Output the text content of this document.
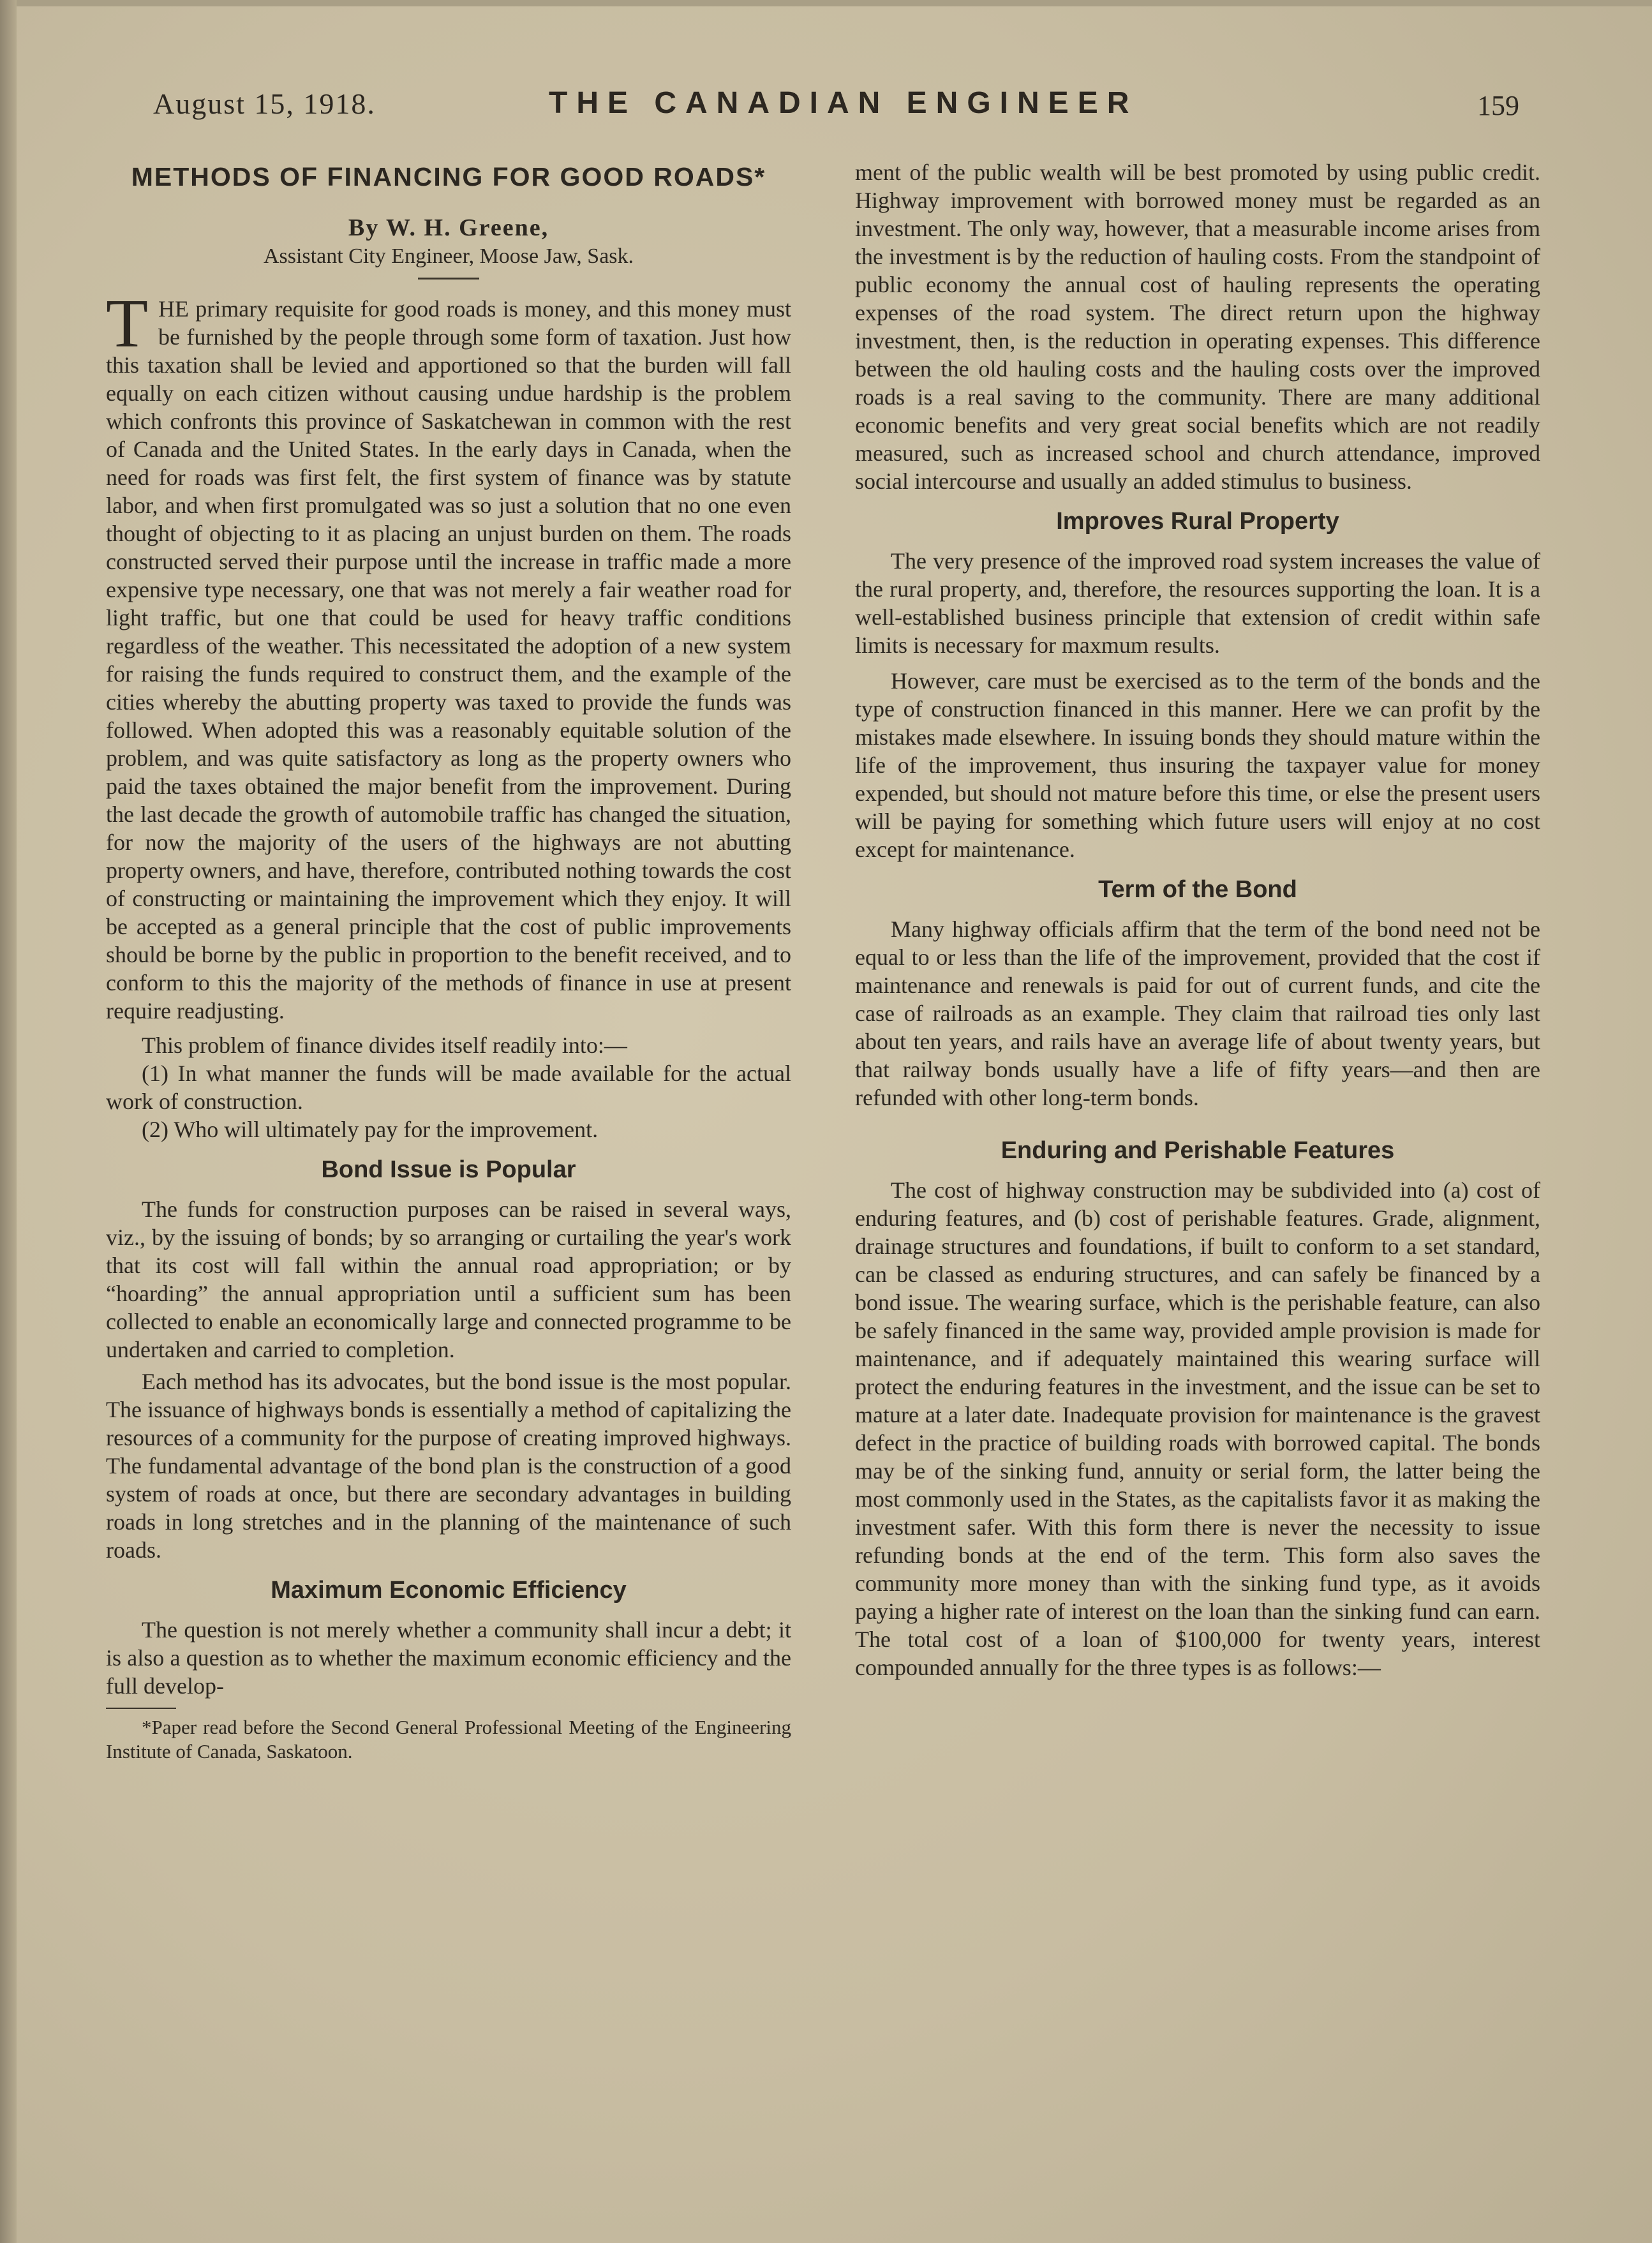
August 15, 1918.	THE CANADIAN ENGINEER	159
METHODS OF FINANCING FOR GOOD ROADS*
By W. H. Greene,
Assistant City Engineer, Moose Jaw, Sask.

THE primary requisite for good roads is money, and this money must be furnished by the people through some form of taxation. Just how this taxation shall be levied and apportioned so that the burden will fall equally on each citizen without causing undue hardship is the problem which confronts this province of Saskatchewan in common with the rest of Canada and the United States. In the early days in Canada, when the need for roads was first felt, the first system of finance was by statute labor, and when first promulgated was so just a solution that no one even thought of objecting to it as placing an unjust burden on them. The roads constructed served their purpose until the increase in traffic made a more expensive type necessary, one that was not merely a fair weather road for light traffic, but one that could be used for heavy traffic conditions regardless of the weather. This necessitated the adoption of a new system for raising the funds required to construct them, and the example of the cities whereby the abutting property was taxed to provide the funds was followed. When adopted this was a reasonably equitable solution of the problem, and was quite satisfactory as long as the property owners who paid the taxes obtained the major benefit from the improvement. During the last decade the growth of automobile traffic has changed the situation, for now the majority of the users of the highways are not abutting property owners, and have, therefore, contributed nothing towards the cost of constructing or maintaining the improvement which they enjoy. It will be accepted as a general principle that the cost of public improvements should be borne by the public in proportion to the benefit received, and to conform to this the majority of the methods of finance in use at present require readjusting.

This problem of finance divides itself readily into:—

(1) In what manner the funds will be made available for the actual work of construction.

(2) Who will ultimately pay for the improvement.

Bond Issue is Popular

The funds for construction purposes can be raised in several ways, viz., by the issuing of bonds; by so arranging or curtailing the year's work that its cost will fall within the annual road appropriation; or by “hoarding” the annual appropriation until a sufficient sum has been collected to enable an economically large and connected programme to be undertaken and carried to completion.

Each method has its advocates, but the bond issue is the most popular. The issuance of highways bonds is essentially a method of capitalizing the resources of a community for the purpose of creating improved highways. The fundamental advantage of the bond plan is the construction of a good system of roads at once, but there are secondary advantages in building roads in long stretches and in the planning of the maintenance of such roads.

Maximum Economic Efficiency

The question is not merely whether a community shall incur a debt; it is also a question as to whether the maximum economic efficiency and the full develop-

*Paper read before the Second General Professional Meeting of the Engineering Institute of Canada, Saskatoon.

ment of the public wealth will be best promoted by using public credit. Highway improvement with borrowed money must be regarded as an investment. The only way, however, that a measurable income arises from the investment is by the reduction of hauling costs. From the standpoint of public economy the annual cost of hauling represents the operating expenses of the road system. The direct return upon the highway investment, then, is the reduction in operating expenses. This difference between the old hauling costs and the hauling costs over the improved roads is a real saving to the community. There are many additional economic benefits and very great social benefits which are not readily measured, such as increased school and church attendance, improved social intercourse and usually an added stimulus to business.

Improves Rural Property

The very presence of the improved road system increases the value of the rural property, and, therefore, the resources supporting the loan. It is a well-established business principle that extension of credit within safe limits is necessary for maxmum results.

However, care must be exercised as to the term of the bonds and the type of construction financed in this manner. Here we can profit by the mistakes made elsewhere. In issuing bonds they should mature within the life of the improvement, thus insuring the taxpayer value for money expended, but should not mature before this time, or else the present users will be paying for something which future users will enjoy at no cost except for maintenance.

Term of the Bond

Many highway officials affirm that the term of the bond need not be equal to or less than the life of the improvement, provided that the cost if maintenance and renewals is paid for out of current funds, and cite the case of railroads as an example. They claim that railroad ties only last about ten years, and rails have an average life of about twenty years, but that railway bonds usually have a life of fifty years—and then are refunded with other long-term bonds.

Enduring and Perishable Features

The cost of highway construction may be subdivided into (a) cost of enduring features, and (b) cost of perishable features. Grade, alignment, drainage structures and foundations, if built to conform to a set standard, can be classed as enduring structures, and can safely be financed by a bond issue. The wearing surface, which is the perishable feature, can also be safely financed in the same way, provided ample provision is made for maintenance, and if adequately maintained this wearing surface will protect the enduring features in the investment, and the issue can be set to mature at a later date. Inadequate provision for maintenance is the gravest defect in the practice of building roads with borrowed capital. The bonds may be of the sinking fund, annuity or serial form, the latter being the most commonly used in the States, as the capitalists favor it as making the investment safer. With this form there is never the necessity to issue refunding bonds at the end of the term. This form also saves the community more money than with the sinking fund type, as it avoids paying a higher rate of interest on the loan than the sinking fund can earn. The total cost of a loan of $100,000 for twenty years, interest compounded annually for the three types is as follows:—
